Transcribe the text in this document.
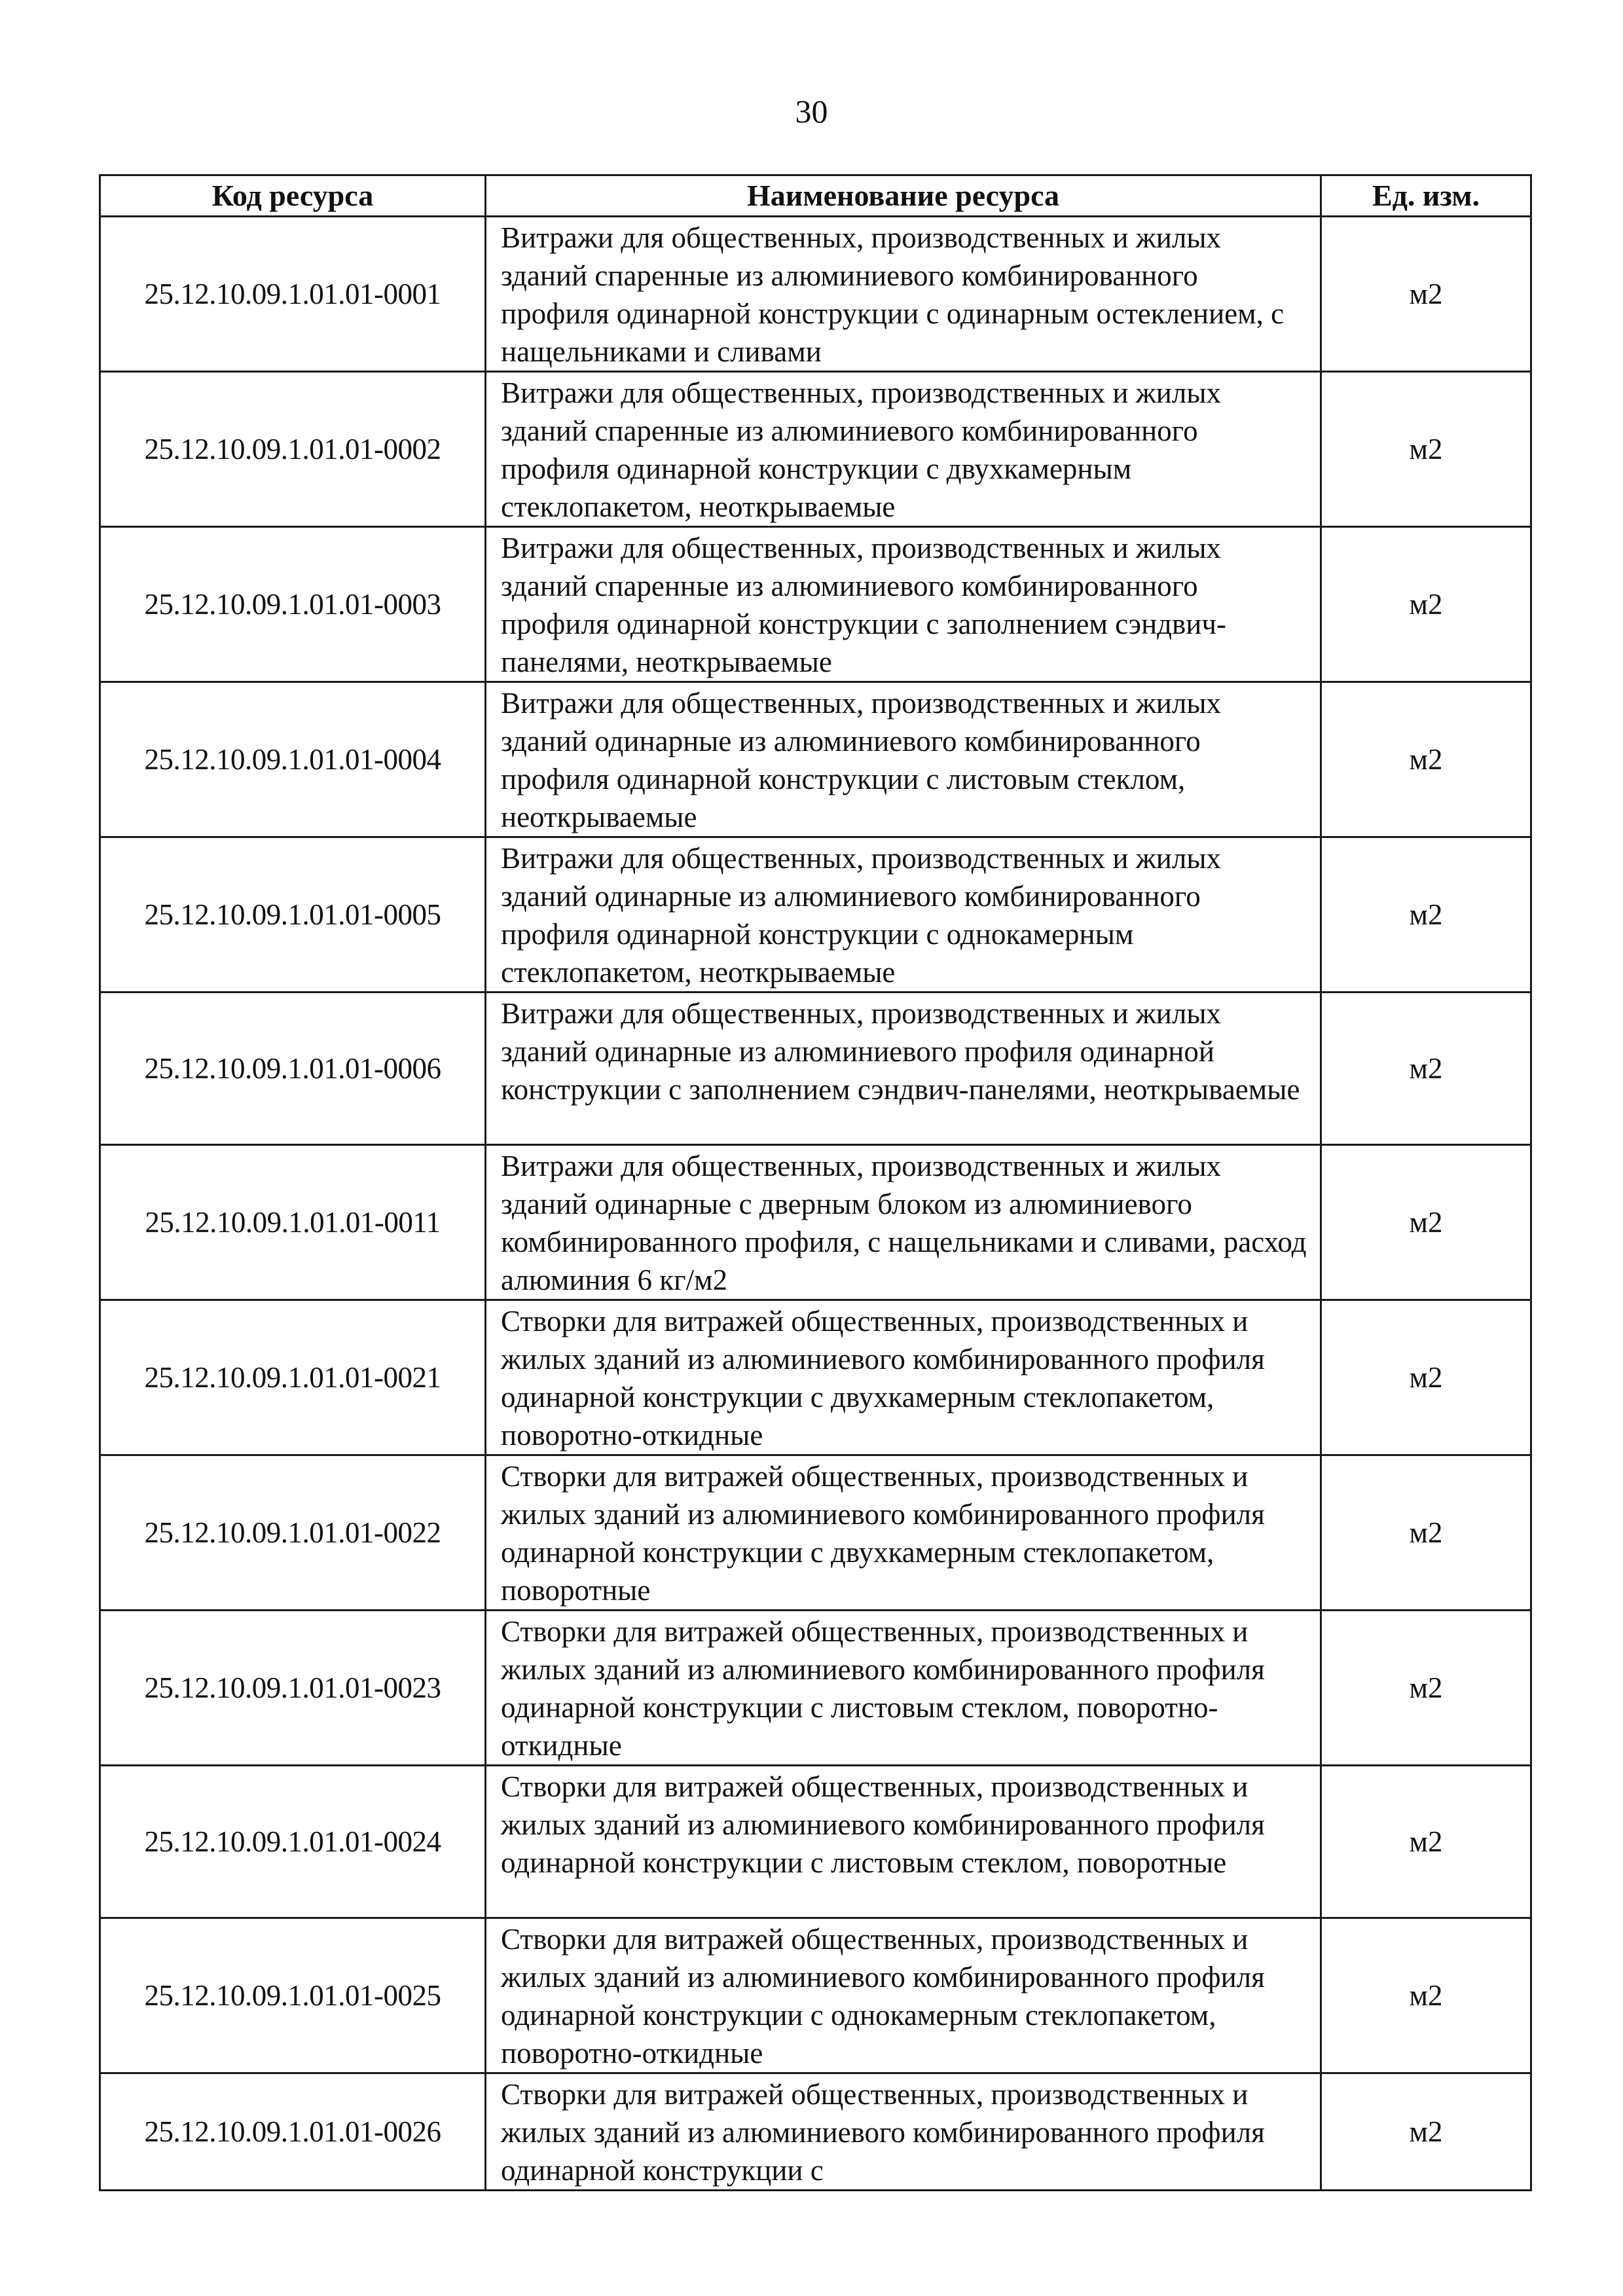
30
Код ресурса	Наименование ресурса	Ед. изм.
25.12.10.09.1.01.01-0001	Витражи для общественных, производственных и жилых зданий спаренные из алюминиевого комбинированного профиля одинарной конструкции с одинарным остеклением, с нащельниками и сливами	м2
25.12.10.09.1.01.01-0002	Витражи для общественных, производственных и жилых зданий спаренные из алюминиевого комбинированного профиля одинарной конструкции с двухкамерным стеклопакетом, неоткрываемые	м2
25.12.10.09.1.01.01-0003	Витражи для общественных, производственных и жилых зданий спаренные из алюминиевого комбинированного профиля одинарной конструкции с заполнением сэндвич-панелями, неоткрываемые	м2
25.12.10.09.1.01.01-0004	Витражи для общественных, производственных и жилых зданий одинарные из алюминиевого комбинированного профиля одинарной конструкции с листовым стеклом, неоткрываемые	м2
25.12.10.09.1.01.01-0005	Витражи для общественных, производственных и жилых зданий одинарные из алюминиевого комбинированного профиля одинарной конструкции с однокамерным стеклопакетом, неоткрываемые	м2
25.12.10.09.1.01.01-0006	Витражи для общественных, производственных и жилых зданий одинарные из алюминиевого профиля одинарной конструкции с заполнением сэндвич-панелями, неоткрываемые	м2
25.12.10.09.1.01.01-0011	Витражи для общественных, производственных и жилых зданий одинарные с дверным блоком из алюминиевого комбинированного профиля, с нащельниками и сливами, расход алюминия 6 кг/м2	м2
25.12.10.09.1.01.01-0021	Створки для витражей общественных, производственных и жилых зданий из алюминиевого комбинированного профиля одинарной конструкции с двухкамерным стеклопакетом, поворотно-откидные	м2
25.12.10.09.1.01.01-0022	Створки для витражей общественных, производственных и жилых зданий из алюминиевого комбинированного профиля одинарной конструкции с двухкамерным стеклопакетом, поворотные	м2
25.12.10.09.1.01.01-0023	Створки для витражей общественных, производственных и жилых зданий из алюминиевого комбинированного профиля одинарной конструкции с листовым стеклом, поворотно-откидные	м2
25.12.10.09.1.01.01-0024	Створки для витражей общественных, производственных и жилых зданий из алюминиевого комбинированного профиля одинарной конструкции с листовым стеклом, поворотные	м2
25.12.10.09.1.01.01-0025	Створки для витражей общественных, производственных и жилых зданий из алюминиевого комбинированного профиля одинарной конструкции с однокамерным стеклопакетом, поворотно-откидные	м2
25.12.10.09.1.01.01-0026	Створки для витражей общественных, производственных и жилых зданий из алюминиевого комбинированного профиля одинарной конструкции с	м2
